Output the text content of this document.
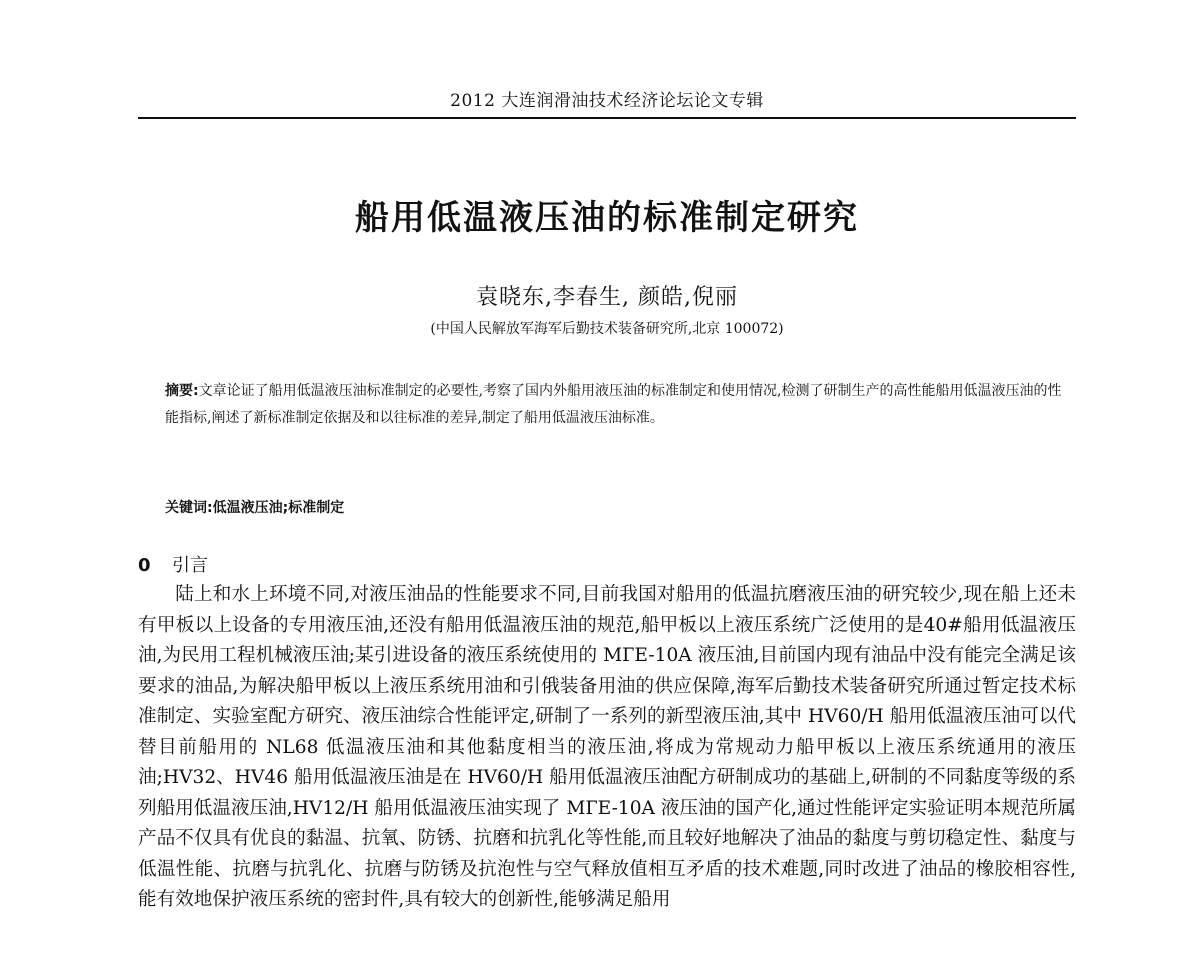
2012 大连润滑油技术经济论坛论文专辑
船用低温液压油的标准制定研究
袁晓东,李春生, 颜皓,倪丽
(中国人民解放军海军后勤技术装备研究所,北京 100072)
摘要:文章论证了船用低温液压油标准制定的必要性,考察了国内外船用液压油的标准制定和使用情况,检测了研制生产的高性能船用低温液压油的性能指标,阐述了新标准制定依据及和以往标准的差异,制定了船用低温液压油标准。
关键词:低温液压油;标准制定
0 引言

陆上和水上环境不同,对液压油品的性能要求不同,目前我国对船用的低温抗磨液压油的研究较少,现在船上还未有甲板以上设备的专用液压油,还没有船用低温液压油的规范,船甲板以上液压系统广泛使用的是40#船用低温液压油,为民用工程机械液压油;某引进设备的液压系统使用的 MГE-10A 液压油,目前国内现有油品中没有能完全满足该要求的油品,为解决船甲板以上液压系统用油和引俄装备用油的供应保障,海军后勤技术装备研究所通过暂定技术标准制定、实验室配方研究、液压油综合性能评定,研制了一系列的新型液压油,其中 HV60/H 船用低温液压油可以代替目前船用的 NL68 低温液压油和其他黏度相当的液压油,将成为常规动力船甲板以上液压系统通用的液压油;HV32、HV46 船用低温液压油是在 HV60/H 船用低温液压油配方研制成功的基础上,研制的不同黏度等级的系列船用低温液压油,HV12/H 船用低温液压油实现了 MГE-10A 液压油的国产化,通过性能评定实验证明本规范所属产品不仅具有优良的黏温、抗氧、防锈、抗磨和抗乳化等性能,而且较好地解决了油品的黏度与剪切稳定性、黏度与低温性能、抗磨与抗乳化、抗磨与防锈及抗泡性与空气释放值相互矛盾的技术难题,同时改进了油品的橡胶相容性,能有效地保护液压系统的密封件,具有较大的创新性,能够满足船用
